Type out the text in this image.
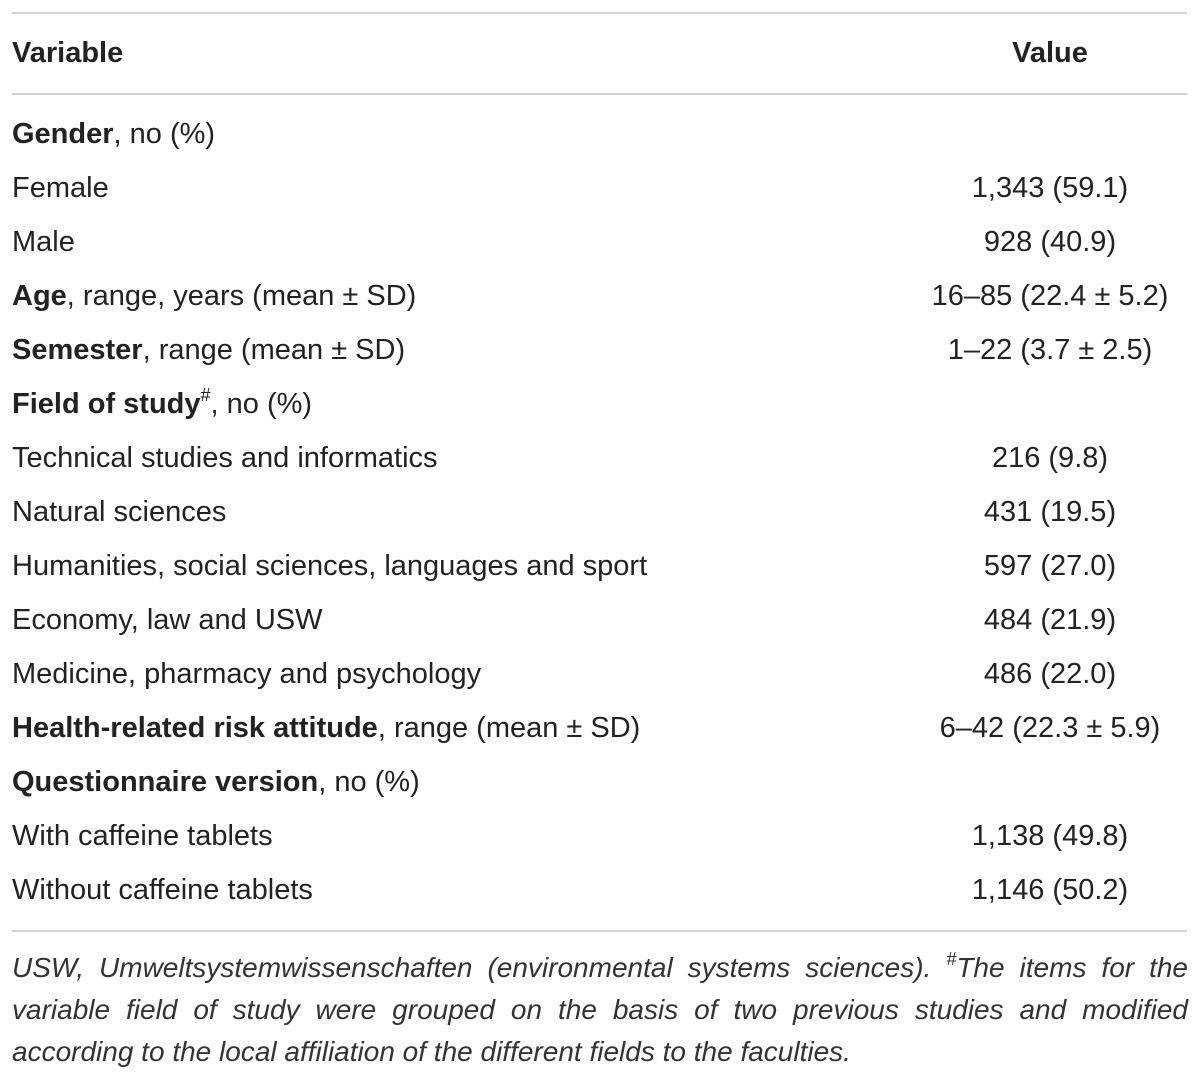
Variable	Value
Gender, no (%)
Female	1,343 (59.1)
Male	928 (40.9)
Age, range, years (mean ± SD)	16–85 (22.4 ± 5.2)
Semester, range (mean ± SD)	1–22 (3.7 ± 2.5)
Field of study#, no (%)
Technical studies and informatics	216 (9.8)
Natural sciences	431 (19.5)
Humanities, social sciences, languages and sport	597 (27.0)
Economy, law and USW	484 (21.9)
Medicine, pharmacy and psychology	486 (22.0)
Health-related risk attitude, range (mean ± SD)	6–42 (22.3 ± 5.9)
Questionnaire version, no (%)
With caffeine tablets	1,138 (49.8)
Without caffeine tablets	1,146 (50.2)
USW, Umweltsystemwissenschaften (environmental systems sciences). #The items for the variable field of study were grouped on the basis of two previous studies and modified according to the local affiliation of the different fields to the faculties.
